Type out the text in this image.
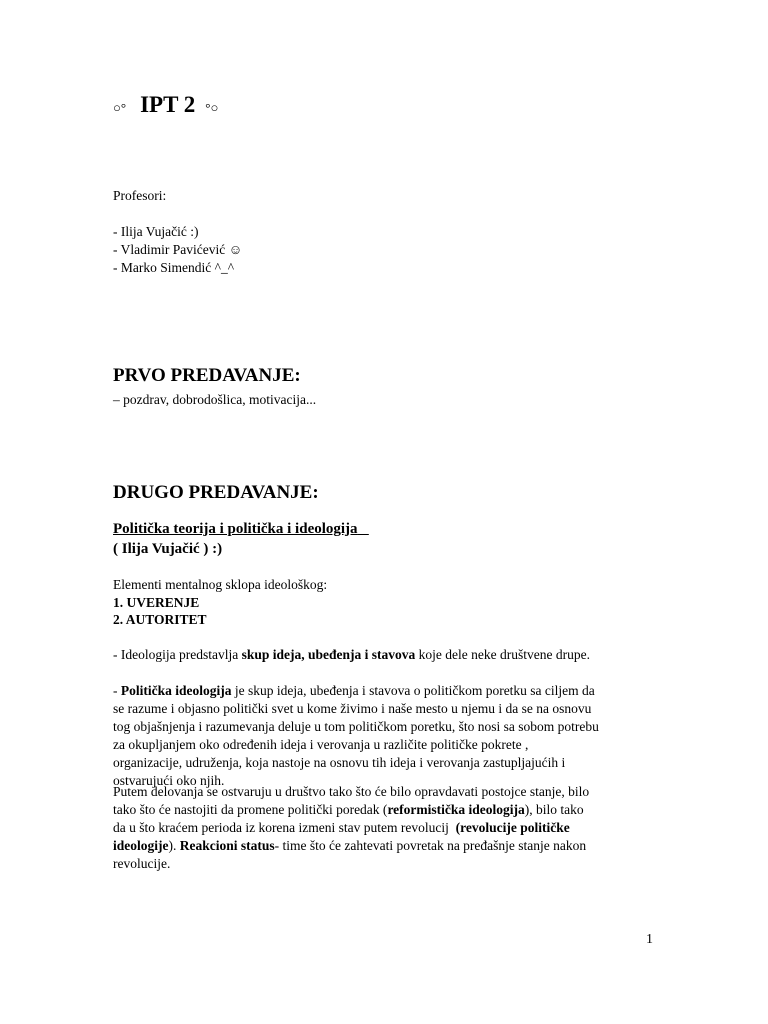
○° IPT 2 °○
Profesori:
- Ilija Vujačić :)
- Vladimir Pavićević ☺
- Marko Simendić ^_^
PRVO PREDAVANJE:
– pozdrav, dobrodošlica, motivacija...
DRUGO PREDAVANJE:
Politička teorija i politička i ideologija
( Ilija Vujačić ) :)
Elementi mentalnog sklopa ideološkog:
1. UVERENJE
2. AUTORITET
- Ideologija predstavlja skup ideja, ubeđenja i stavova koje dele neke društvene drupe.
- Politička ideologija je skup ideja, ubeđenja i stavova o političkom poretku sa ciljem da
se razume i objasno politički svet u kome živimo i naše mesto u njemu i da se na osnovu
tog objašnjenja i razumevanja deluje u tom političkom poretku, što nosi sa sobom potrebu
za okupljanjem oko određenih ideja i verovanja u različite političke pokrete ,
organizacije, udruženja, koja nastoje na osnovu tih ideja i verovanja zastupljajućih i
ostvarujući oko njih.
Putem delovanja se ostvaruju u društvo tako što će bilo opravdavati postojce stanje, bilo
tako što će nastojiti da promene politički poredak (reformistička ideologija), bilo tako
da u što kraćem perioda iz korena izmeni stav putem revolucij  (revolucije političke
ideologije). Reakcioni status- time što će zahtevati povretak na pređašnje stanje nakon
revolucije.
1
